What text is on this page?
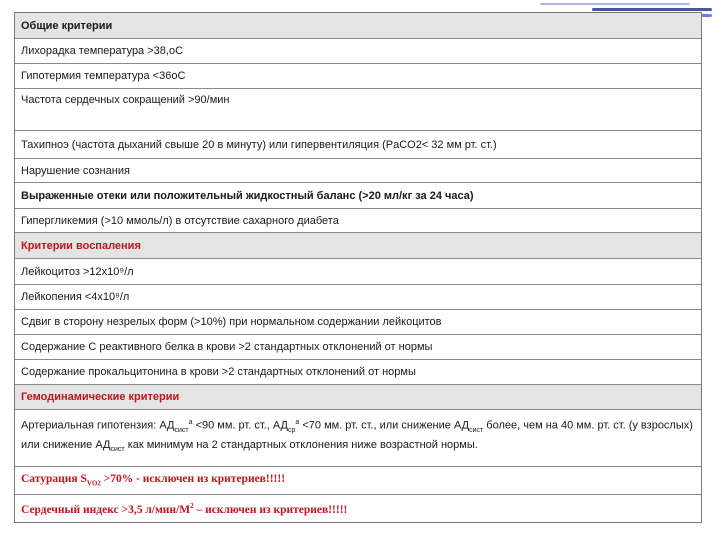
Общие критерии
Лихорадка температура >38,oC
Гипотермия температура <36oC
Частота сердечных сокращений >90/мин
Тахипноэ (частота дыханий свыше 20 в минуту) или гипервентиляция (PaCO2< 32 мм рт. ст.)
Нарушение сознания
Выраженные отеки или положительный жидкостный баланс (>20 мл/кг за 24 часа)
Гипергликемия (>10 ммоль/л) в отсутствие сахарного диабета
Критерии воспаления
Лейкоцитоз >12х10⁹/л
Лейкопения <4х10⁹/л
Сдвиг в сторону незрелых форм (>10%) при нормальном содержании лейкоцитов
Содержание С реактивного белка в крови >2 стандартных отклонений от нормы
Содержание прокальцитонина в крови >2 стандартных отклонений от нормы
Гемодинамические критерии
Артериальная гипотензия: $АД_{сист}^a <90$ мм. рт. ст., $АД_{ср}^a <70$ мм. рт. ст., или снижение $АД_{сист}$ более, чем на 40 мм. рт. ст. (у взрослых) или снижение $АД_{сист}$ как минимум на 2 стандартных отклонения ниже возрастной нормы.
Сатурация $S_{VO2} >70\%$ - исключен из критериев!!!!!
Сердечный индекс >3,5 $л/мин/M^2$ – исключен из критериев!!!!!
